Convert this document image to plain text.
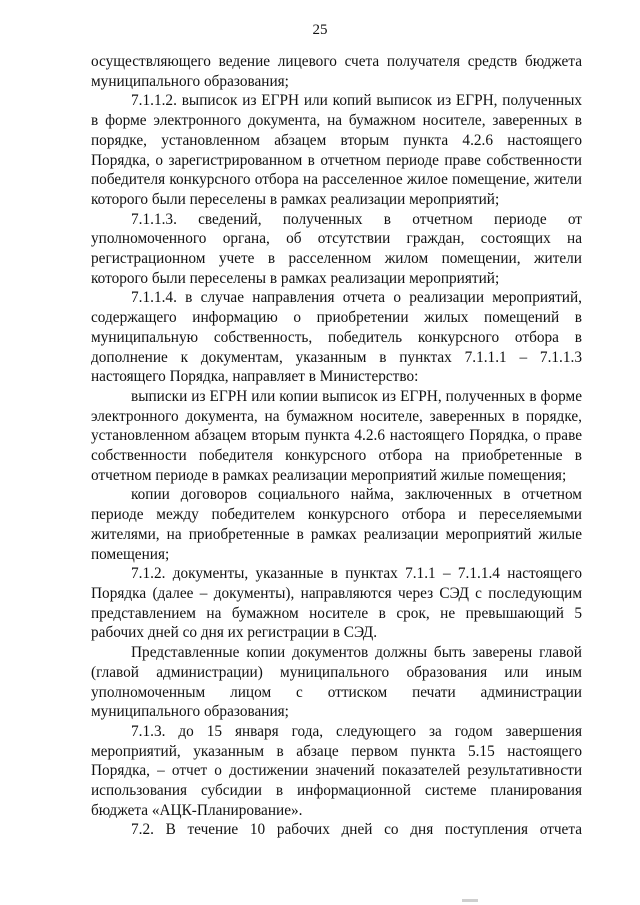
25

осуществляющего ведение лицевого счета получателя средств бюджета муниципального образования;

7.1.1.2. выписок из ЕГРН или копий выписок из ЕГРН, полученных в форме электронного документа, на бумажном носителе, заверенных в порядке, установленном абзацем вторым пункта 4.2.6 настоящего Порядка, о зарегистрированном в отчетном периоде праве собственности победителя конкурсного отбора на расселенное жилое помещение, жители которого были переселены в рамках реализации мероприятий;

7.1.1.3. сведений, полученных в отчетном периоде от уполномоченного органа, об отсутствии граждан, состоящих на регистрационном учете в расселенном жилом помещении, жители которого были переселены в рамках реализации мероприятий;

7.1.1.4. в случае направления отчета о реализации мероприятий, содержащего информацию о приобретении жилых помещений в муниципальную собственность, победитель конкурсного отбора в дополнение к документам, указанным в пунктах 7.1.1.1 – 7.1.1.3 настоящего Порядка, направляет в Министерство:

выписки из ЕГРН или копии выписок из ЕГРН, полученных в форме электронного документа, на бумажном носителе, заверенных в порядке, установленном абзацем вторым пункта 4.2.6 настоящего Порядка, о праве собственности победителя конкурсного отбора на приобретенные в отчетном периоде в рамках реализации мероприятий жилые помещения;

копии договоров социального найма, заключенных в отчетном периоде между победителем конкурсного отбора и переселяемыми жителями, на приобретенные в рамках реализации мероприятий жилые помещения;

7.1.2. документы, указанные в пунктах 7.1.1 – 7.1.1.4 настоящего Порядка (далее – документы), направляются через СЭД с последующим представлением на бумажном носителе в срок, не превышающий 5 рабочих дней со дня их регистрации в СЭД.

Представленные копии документов должны быть заверены главой (главой администрации) муниципального образования или иным уполномоченным лицом с оттиском печати администрации муниципального образования;

7.1.3. до 15 января года, следующего за годом завершения мероприятий, указанным в абзаце первом пункта 5.15 настоящего Порядка, – отчет о достижении значений показателей результативности использования субсидии в информационной системе планирования бюджета «АЦК-Планирование».

7.2. В течение 10 рабочих дней со дня поступления отчета
